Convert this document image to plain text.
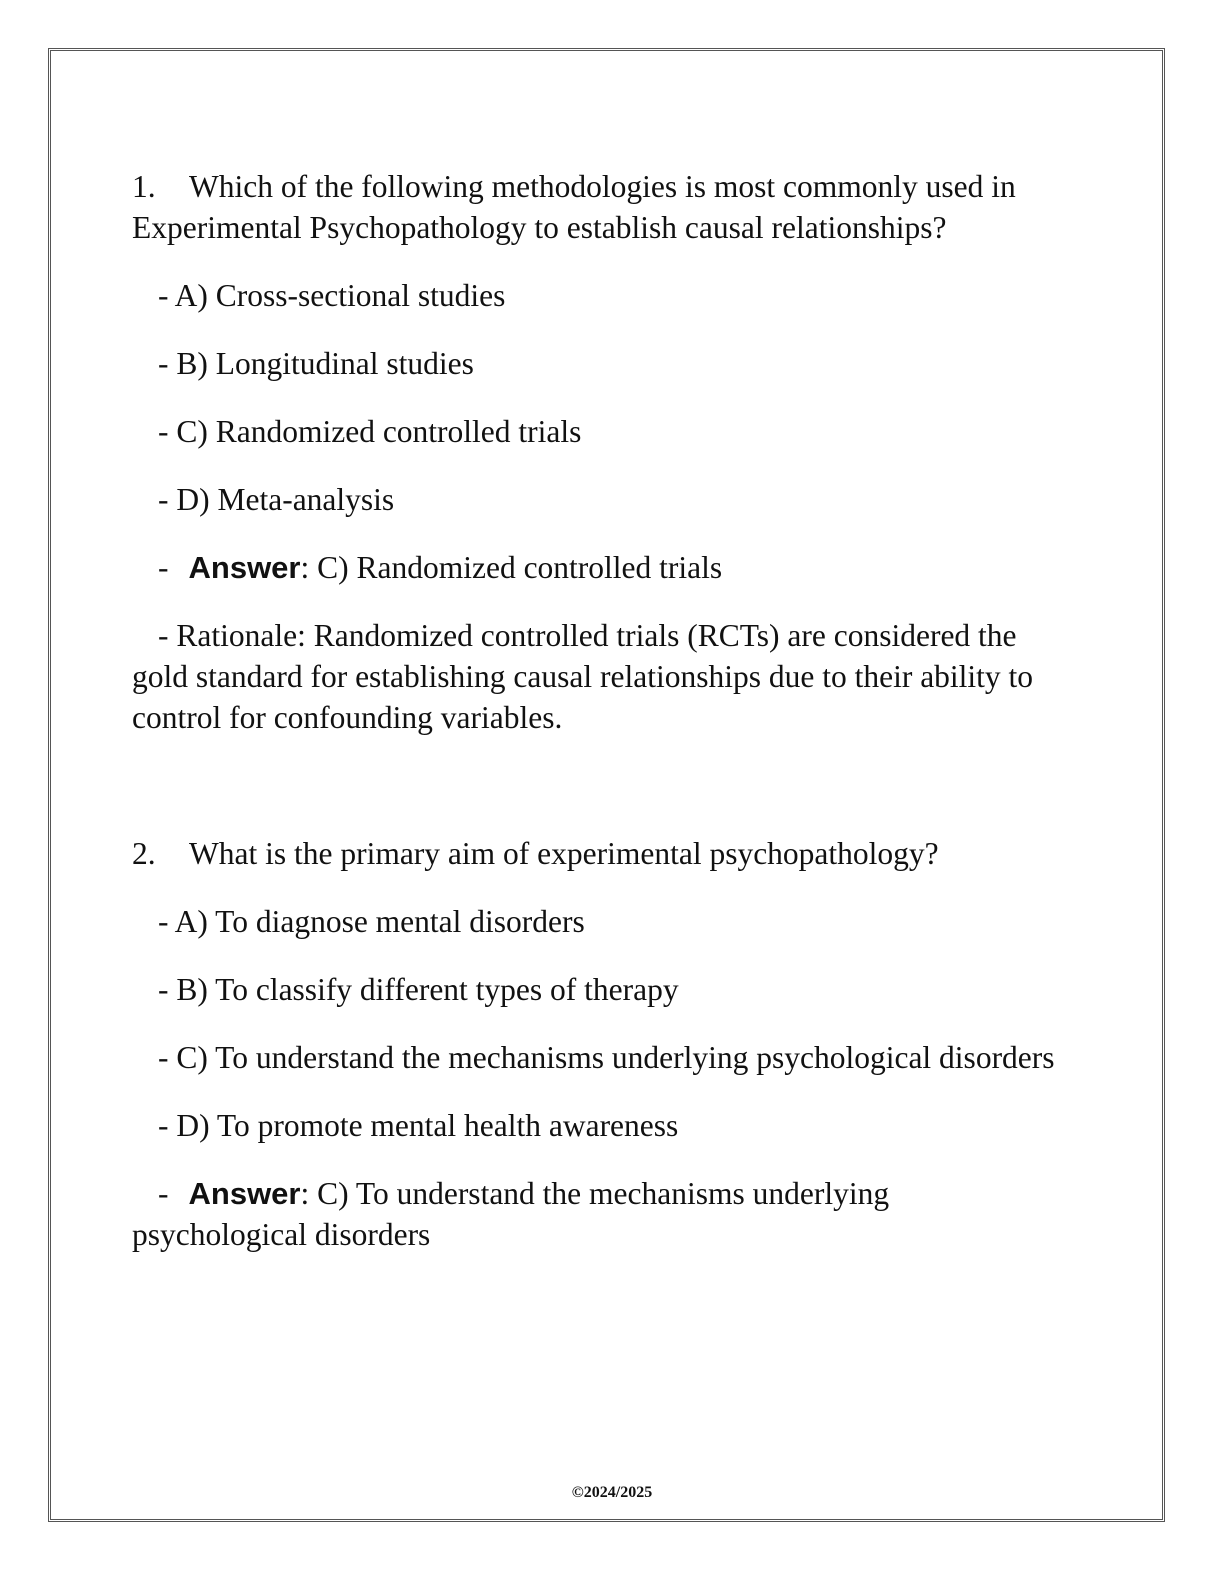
1. Which of the following methodologies is most commonly used in Experimental Psychopathology to establish causal relationships?

- A) Cross-sectional studies
- B) Longitudinal studies
- C) Randomized controlled trials
- D) Meta-analysis
- Answer: C) Randomized controlled trials
- Rationale: Randomized controlled trials (RCTs) are considered the gold standard for establishing causal relationships due to their ability to control for confounding variables.

2. What is the primary aim of experimental psychopathology?

- A) To diagnose mental disorders
- B) To classify different types of therapy
- C) To understand the mechanisms underlying psychological disorders
- D) To promote mental health awareness
- Answer: C) To understand the mechanisms underlying psychological disorders
©2024/2025
